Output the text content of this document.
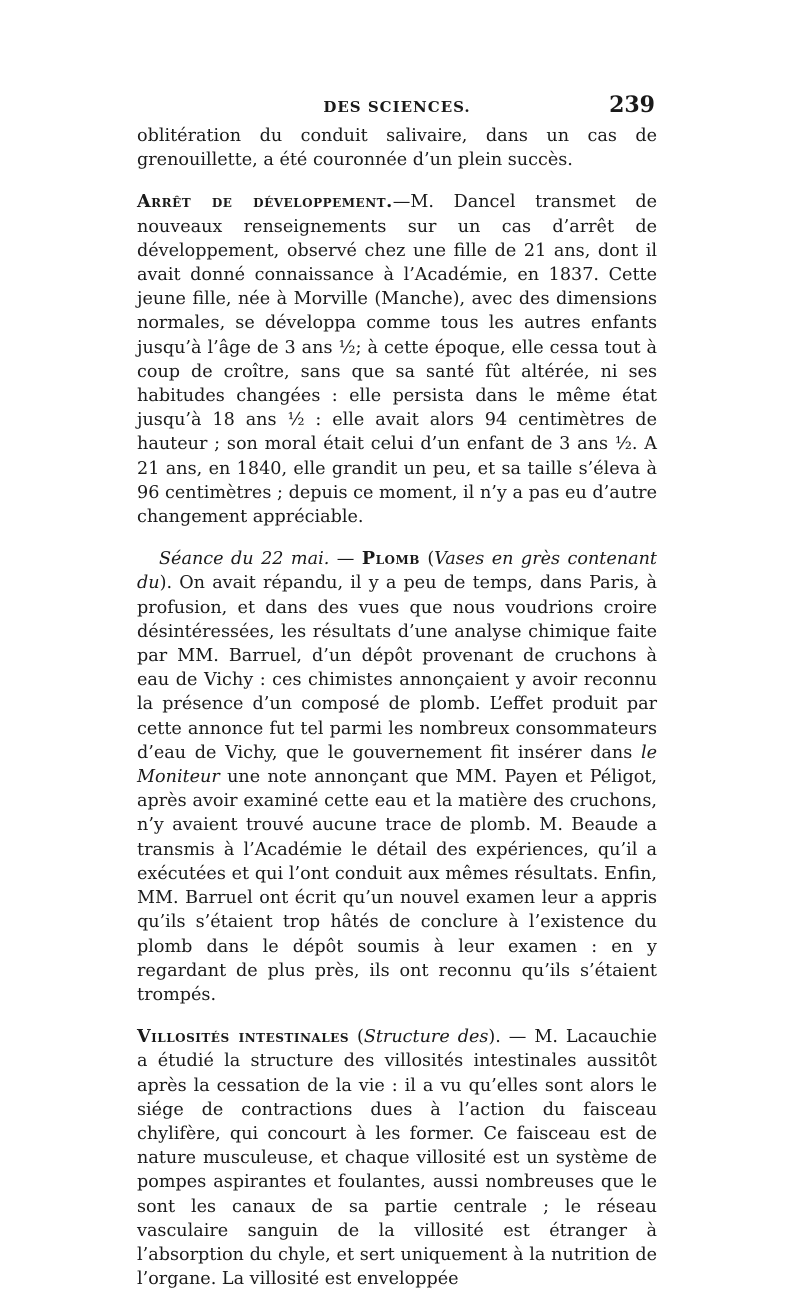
DES SCIENCES.	239

oblitération du conduit salivaire, dans un cas de grenouillette, a été couronnée d’un plein succès.

Arrêt de développement.—M. Dancel transmet de nouveaux renseignements sur un cas d’arrêt de développement, observé chez une fille de 21 ans, dont il avait donné connaissance à l’Académie, en 1837. Cette jeune fille, née à Morville (Manche), avec des dimensions normales, se développa comme tous les autres enfants jusqu’à l’âge de 3 ans ½; à cette époque, elle cessa tout à coup de croître, sans que sa santé fût altérée, ni ses habitudes changées : elle persista dans le même état jusqu’à 18 ans ½ : elle avait alors 94 centimètres de hauteur ; son moral était celui d’un enfant de 3 ans ½. A 21 ans, en 1840, elle grandit un peu, et sa taille s’éleva à 96 centimètres ; depuis ce moment, il n’y a pas eu d’autre changement appréciable.

Séance du 22 mai. — Plomb (Vases en grès contenant du). On avait répandu, il y a peu de temps, dans Paris, à profusion, et dans des vues que nous voudrions croire désintéressées, les résultats d’une analyse chimique faite par MM. Barruel, d’un dépôt provenant de cruchons à eau de Vichy : ces chimistes annonçaient y avoir reconnu la présence d’un composé de plomb. L’effet produit par cette annonce fut tel parmi les nombreux consommateurs d’eau de Vichy, que le gouvernement fit insérer dans le Moniteur une note annonçant que MM. Payen et Péligot, après avoir examiné cette eau et la matière des cruchons, n’y avaient trouvé aucune trace de plomb. M. Beaude a transmis à l’Académie le détail des expériences, qu’il a exécutées et qui l’ont conduit aux mêmes résultats. Enfin, MM. Barruel ont écrit qu’un nouvel examen leur a appris qu’ils s’étaient trop hâtés de conclure à l’existence du plomb dans le dépôt soumis à leur examen : en y regardant de plus près, ils ont reconnu qu’ils s’étaient trompés.

Villosités intestinales (Structure des). — M. Lacauchie a étudié la structure des villosités intestinales aussitôt après la cessation de la vie : il a vu qu’elles sont alors le siége de contractions dues à l’action du faisceau chylifère, qui concourt à les former. Ce faisceau est de nature musculeuse, et chaque villosité est un système de pompes aspirantes et foulantes, aussi nombreuses que le sont les canaux de sa partie centrale ; le réseau vasculaire sanguin de la villosité est étranger à l’absorption du chyle, et sert uniquement à la nutrition de l’organe. La villosité est enveloppée
